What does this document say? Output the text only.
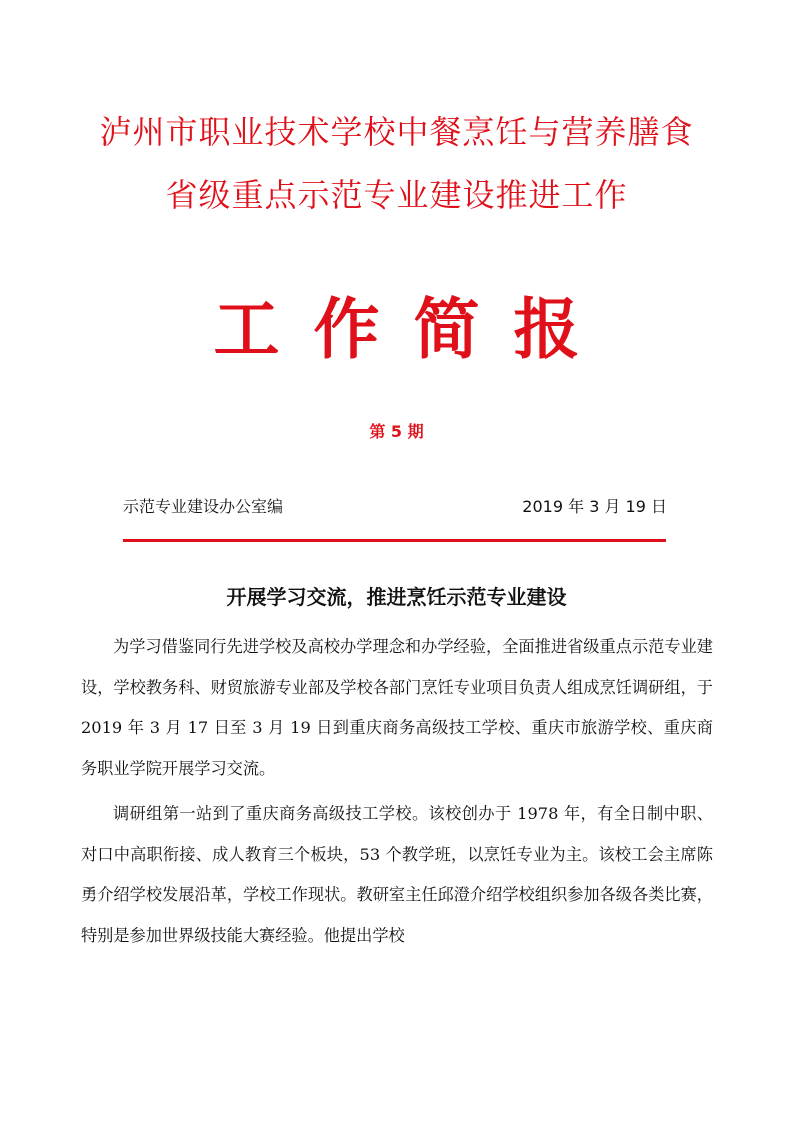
泸州市职业技术学校中餐烹饪与营养膳食
省级重点示范专业建设推进工作
工作简报
第 5 期
示范专业建设办公室编	2019 年 3 月 19 日
开展学习交流，推进烹饪示范专业建设

为学习借鉴同行先进学校及高校办学理念和办学经验，全面推进省级重点示范专业建设，学校教务科、财贸旅游专业部及学校各部门烹饪专业项目负责人组成烹饪调研组，于 2019 年 3 月 17 日至 3 月 19 日到重庆商务高级技工学校、重庆市旅游学校、重庆商务职业学院开展学习交流。

调研组第一站到了重庆商务高级技工学校。该校创办于 1978 年，有全日制中职、对口中高职衔接、成人教育三个板块，53 个教学班，以烹饪专业为主。该校工会主席陈勇介绍学校发展沿革，学校工作现状。教研室主任邱澄介绍学校组织参加各级各类比赛，特别是参加世界级技能大赛经验。他提出学校
